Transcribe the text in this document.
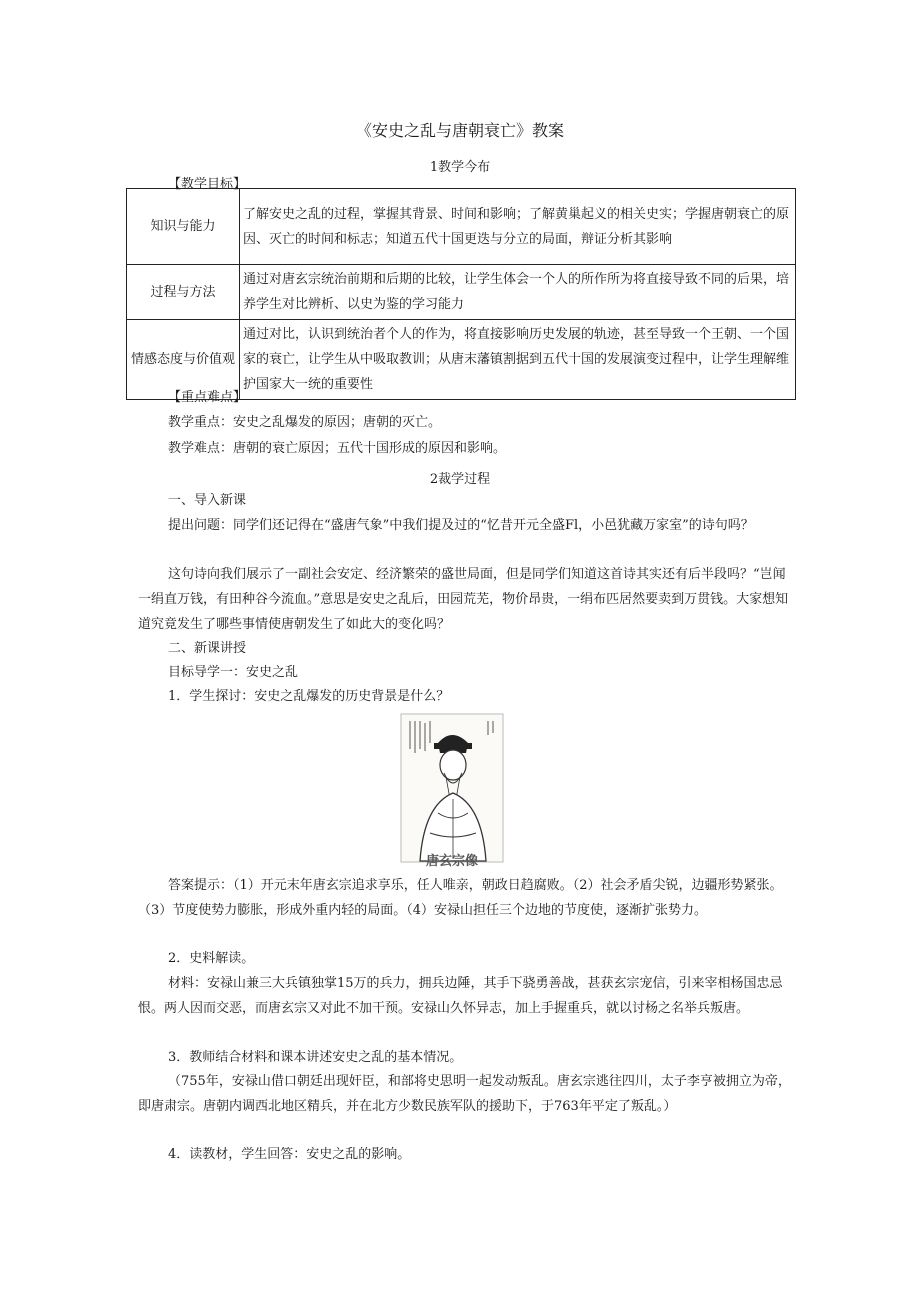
《安史之乱与唐朝衰亡》教案
1教学今布
【教学目标】
知识与能力	了解安史之乱的过程，掌握其背景、时间和影响；了解黄巢起义的相关史实；学握唐朝衰亡的原因、灭亡的时间和标志；知道五代十国更迭与分立的局面，辩证分析其影响
过程与方法	通过对唐玄宗统治前期和后期的比较，让学生体会一个人的所作所为将直接导致不同的后果，培养学生对比辨析、以史为鉴的学习能力
情感态度与价值观	通过对比，认识到统治者个人的作为，将直接影响历史发展的轨迹，甚至导致一个王朝、一个国家的衰亡，让学生从中吸取教训；从唐末藩镇割据到五代十国的发展演变过程中，让学生理解维护国家大一统的重要性
【重点难点】
教学重点：安史之乱爆发的原因；唐朝的灭亡。
教学难点：唐朝的衰亡原因；五代十国形成的原因和影响。
2裁学过程
一、导入新课
提出问题：同学们还记得在“盛唐气象”中我们提及过的“忆昔开元全盛Fl，小邑犹藏万家室”的诗句吗？
这句诗向我们展示了一副社会安定、经济繁荣的盛世局面，但是同学们知道这首诗其实还有后半段吗？“岂闻一绢直万钱，有田种谷今流血。”意思是安史之乱后，田园荒芜，物价昂贵，一绢布匹居然要卖到万贯钱。大家想知道究竟发生了哪些事情使唐朝发生了如此大的变化吗？
二、新课讲授
目标导学一：安史之乱
1．学生探讨：安史之乱爆发的历史背景是什么？
唐玄宗像
答案提示：（1）开元末年唐玄宗追求享乐，任人唯亲，朝政日趋腐败。（2）社会矛盾尖锐，边疆形势紧张。（3）节度使势力膨胀，形成外重内轻的局面。（4）安禄山担任三个边地的节度使，逐渐扩张势力。
2．史料解读。
材料：安禄山兼三大兵镇独掌15万的兵力，拥兵边陲，其手下骁勇善战，甚获玄宗宠信，引来宰相杨国忠忌恨。两人因而交恶，而唐玄宗又对此不加干预。安禄山久怀异志，加上手握重兵，就以讨杨之名举兵叛唐。
3．教师结合材料和课本讲述安史之乱的基本情况。
（755年，安禄山借口朝廷出现奸臣，和部将史思明一起发动叛乱。唐玄宗逃往四川，太子李亨被拥立为帝，即唐肃宗。唐朝内调西北地区精兵，并在北方少数民族军队的援助下，于763年平定了叛乱。）
4．读教材，学生回答：安史之乱的影响。
